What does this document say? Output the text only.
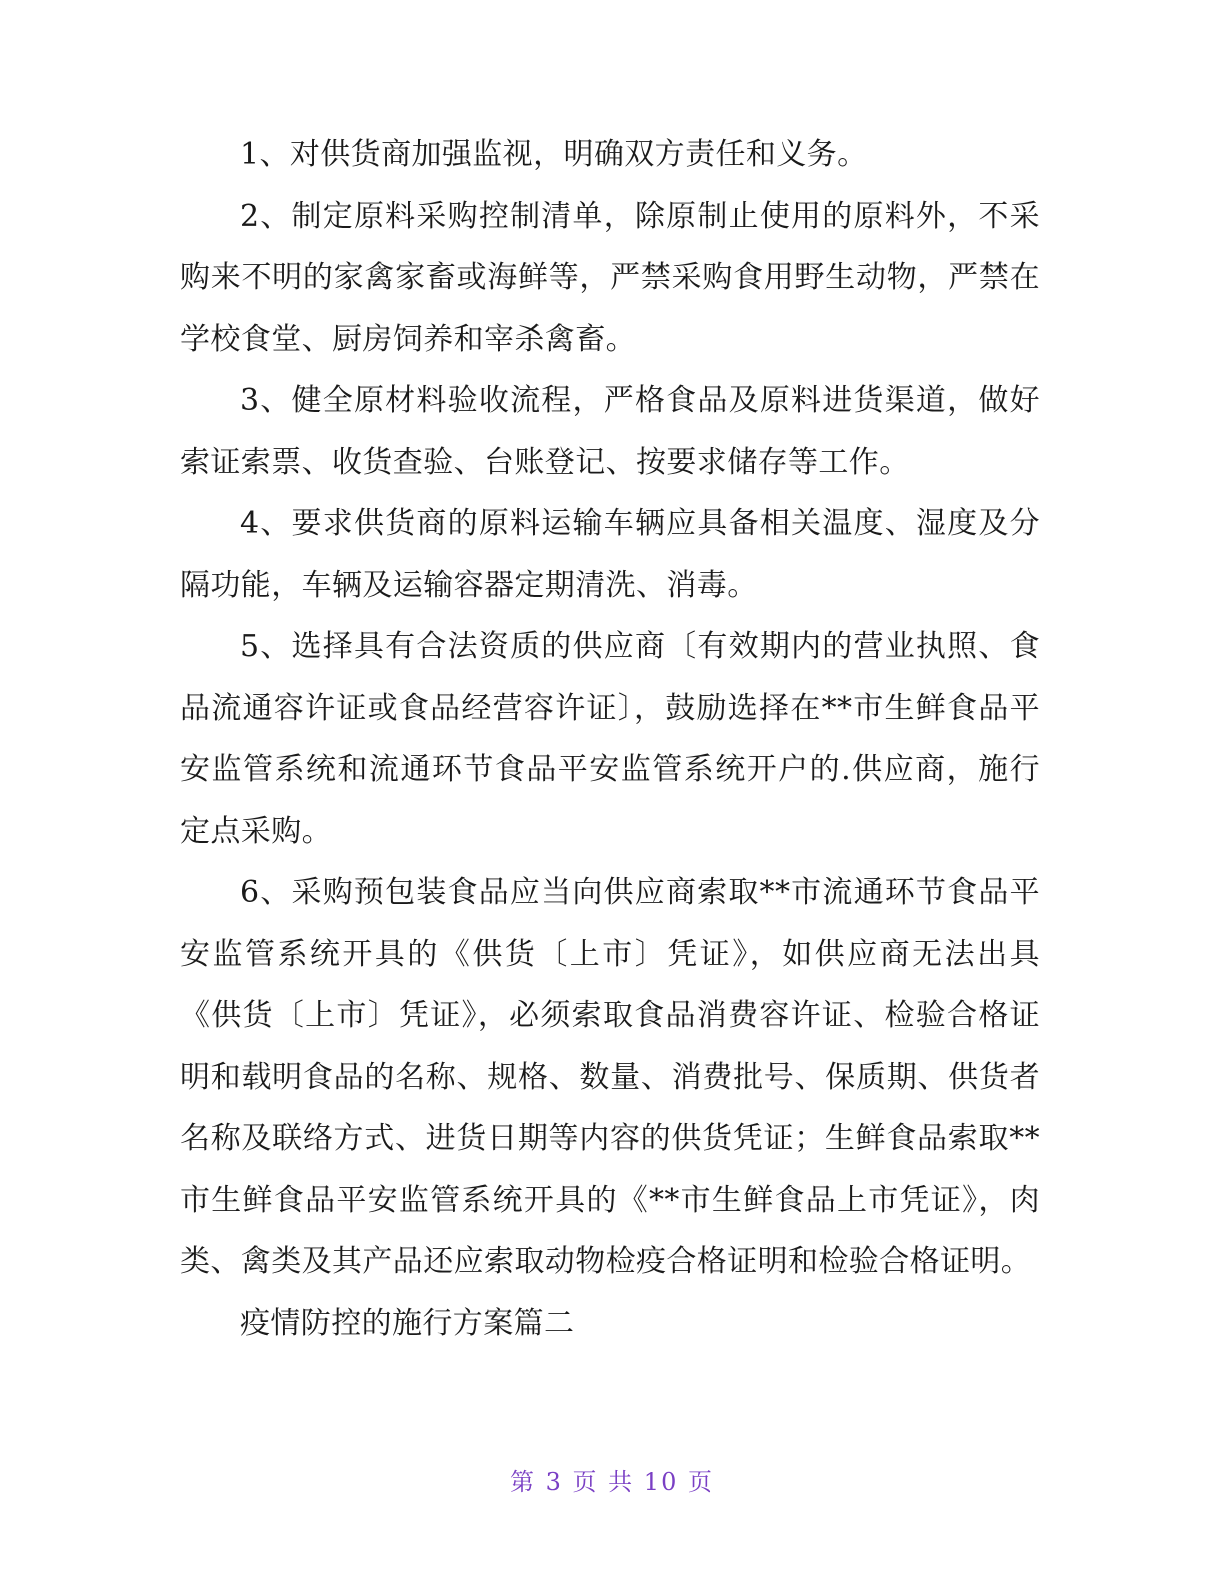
1、对供货商加强监视，明确双方责任和义务。

2、制定原料采购控制清单，除原制止使用的原料外，不采购来不明的家禽家畜或海鲜等，严禁采购食用野生动物，严禁在学校食堂、厨房饲养和宰杀禽畜。

3、健全原材料验收流程，严格食品及原料进货渠道，做好索证索票、收货查验、台账登记、按要求储存等工作。

4、要求供货商的原料运输车辆应具备相关温度、湿度及分隔功能，车辆及运输容器定期清洗、消毒。

5、选择具有合法资质的供应商〔有效期内的营业执照、食品流通容许证或食品经营容许证〕，鼓励选择在**市生鲜食品平安监管系统和流通环节食品平安监管系统开户的.供应商，施行定点采购。

6、采购预包装食品应当向供应商索取**市流通环节食品平安监管系统开具的《供货〔上市〕凭证》，如供应商无法出具《供货〔上市〕凭证》，必须索取食品消费容许证、检验合格证明和载明食品的名称、规格、数量、消费批号、保质期、供货者名称及联络方式、进货日期等内容的供货凭证；生鲜食品索取**市生鲜食品平安监管系统开具的《**市生鲜食品上市凭证》，肉类、禽类及其产品还应索取动物检疫合格证明和检验合格证明。

疫情防控的施行方案篇二

第 3 页 共 10 页
